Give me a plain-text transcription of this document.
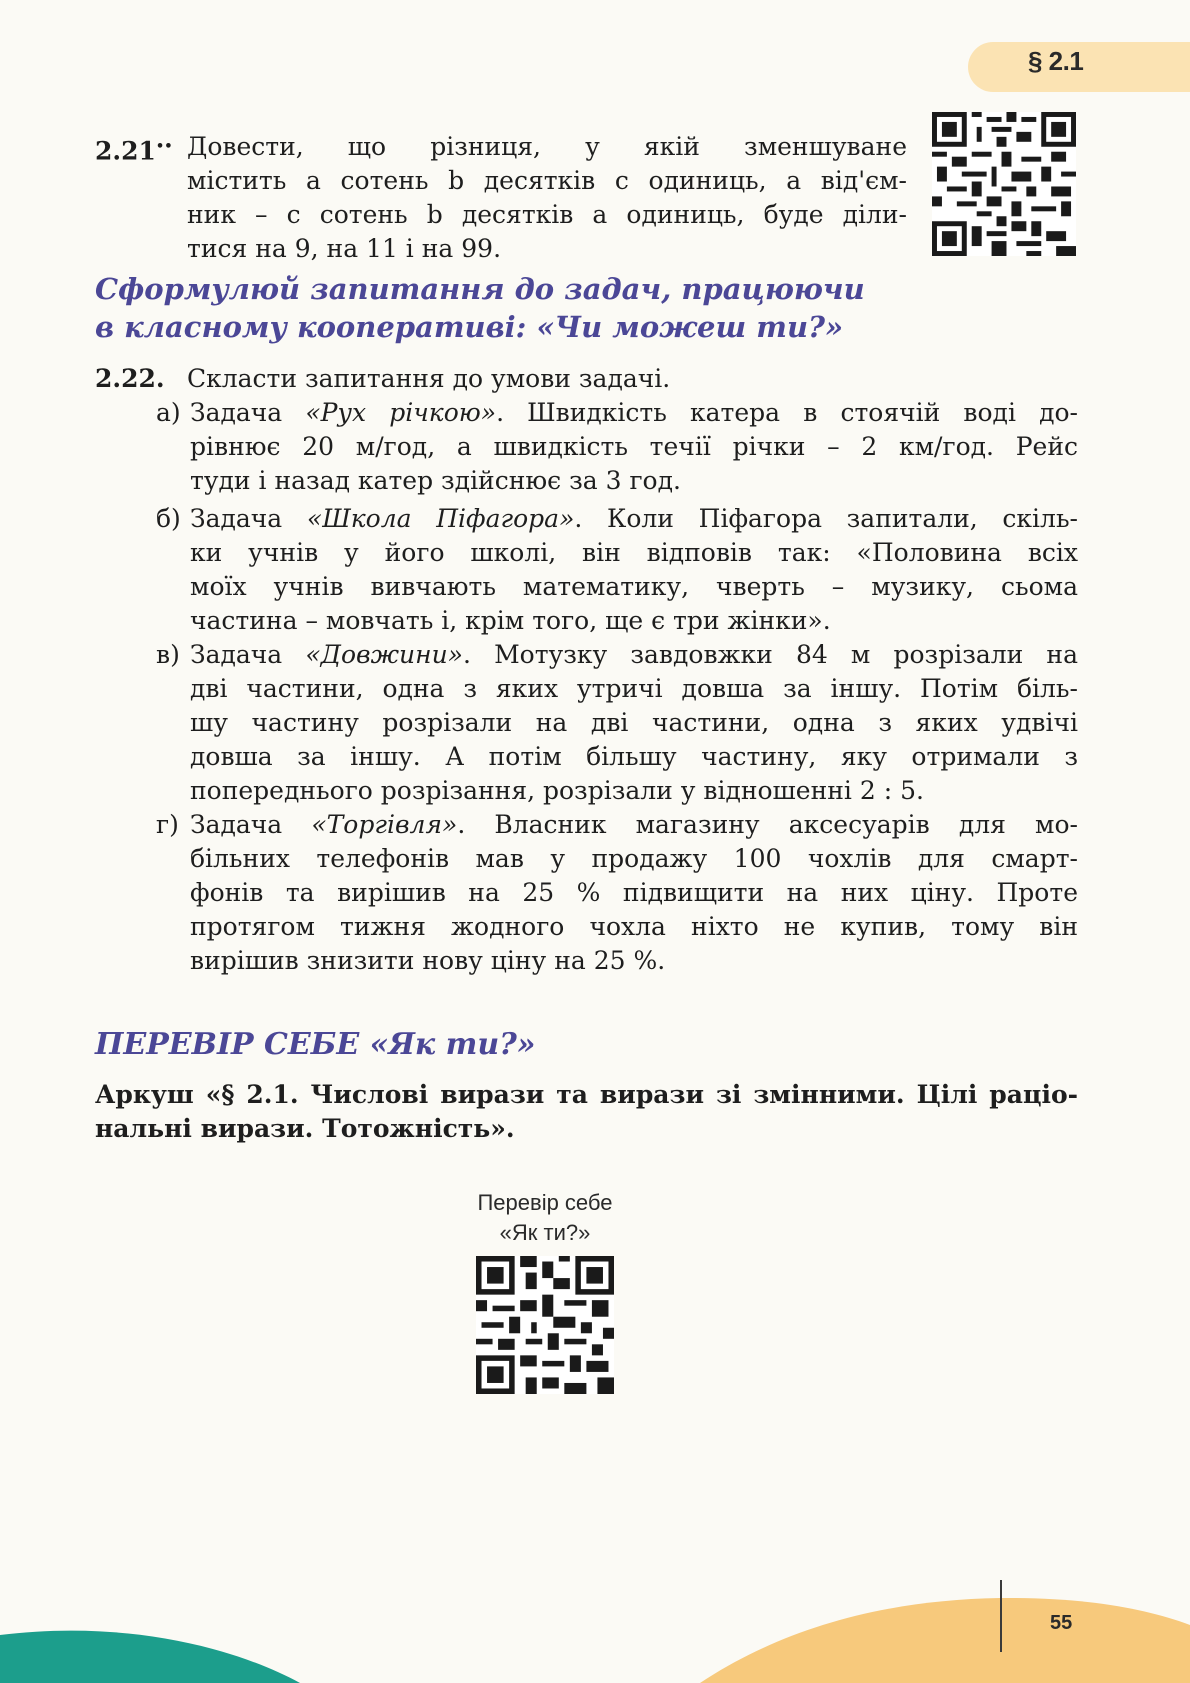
§ 2.1
2.21•• Довести, що різниця, у якій зменшуване
містить a сотень b десятків c одиниць, а від'єм-
ник – c сотень b десятків a одиниць, буде діли-
тися на 9, на 11 і на 99.
Сформулюй запитання до задач, працюючи
в класному кооперативі: «Чи можеш ти?»
2.22. Скласти запитання до умови задачі.
а) Задача «Рух річкою». Швидкість катера в стоячій воді до-
рівнює 20 м/год, а швидкість течії річки – 2 км/год. Рейс
туди і назад катер здійснює за 3 год.
б) Задача «Школа Піфагора». Коли Піфагора запитали, скіль-
ки учнів у його школі, він відповів так: «Половина всіх
моїх учнів вивчають математику, чверть – музику, сьома
частина – мовчать і, крім того, ще є три жінки».
в) Задача «Довжини». Мотузку завдовжки 84 м розрізали на
дві частини, одна з яких утричі довша за іншу. Потім біль-
шу частину розрізали на дві частини, одна з яких удвічі
довша за іншу. А потім більшу частину, яку отримали з
попереднього розрізання, розрізали у відношенні 2 : 5.
г) Задача «Торгівля». Власник магазину аксесуарів для мо-
більних телефонів мав у продажу 100 чохлів для смарт-
фонів та вирішив на 25 % підвищити на них ціну. Проте
протягом тижня жодного чохла ніхто не купив, тому він
вирішив знизити нову ціну на 25 %.
ПЕРЕВІР СЕБЕ «Як ти?»
Аркуш «§ 2.1. Числові вирази та вирази зі змінними. Цілі раціо-
нальні вирази. Тотожність».
Перевір себе
«Як ти?»
55
